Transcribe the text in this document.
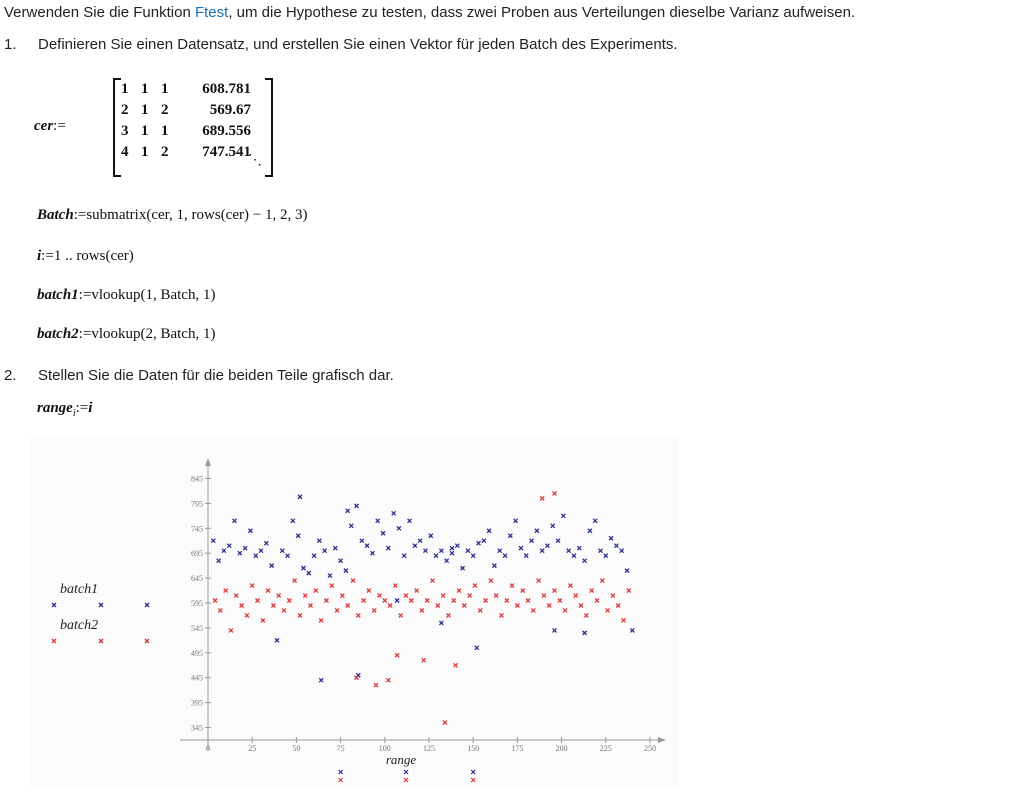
Verwenden Sie die Funktion Ftest, um die Hypothese zu testen, dass zwei Proben aus Verteilungen dieselbe Varianz aufweisen.
1. Definieren Sie einen Datensatz, und erstellen Sie einen Vektor für jeden Batch des Experiments.
cer:=
1 1 1 608.781
2 1 2	569.67
3 1 1 689.556
4 1 2 747.541
⋱
Batch:=submatrix(cer, 1, rows(cer) − 1, 2, 3)
i:=1 .. rows(cer)
batch1:=vlookup(1, Batch, 1)
batch2:=vlookup(2, Batch, 1)
2. Stellen Sie die Daten für die beiden Teile grafisch dar.
range$_i$:=i
0	25	50	75	100	125	150	175	200	225	250
345
395
445
495
545
595
645
695
745
795
845
range
batch1
batch2
